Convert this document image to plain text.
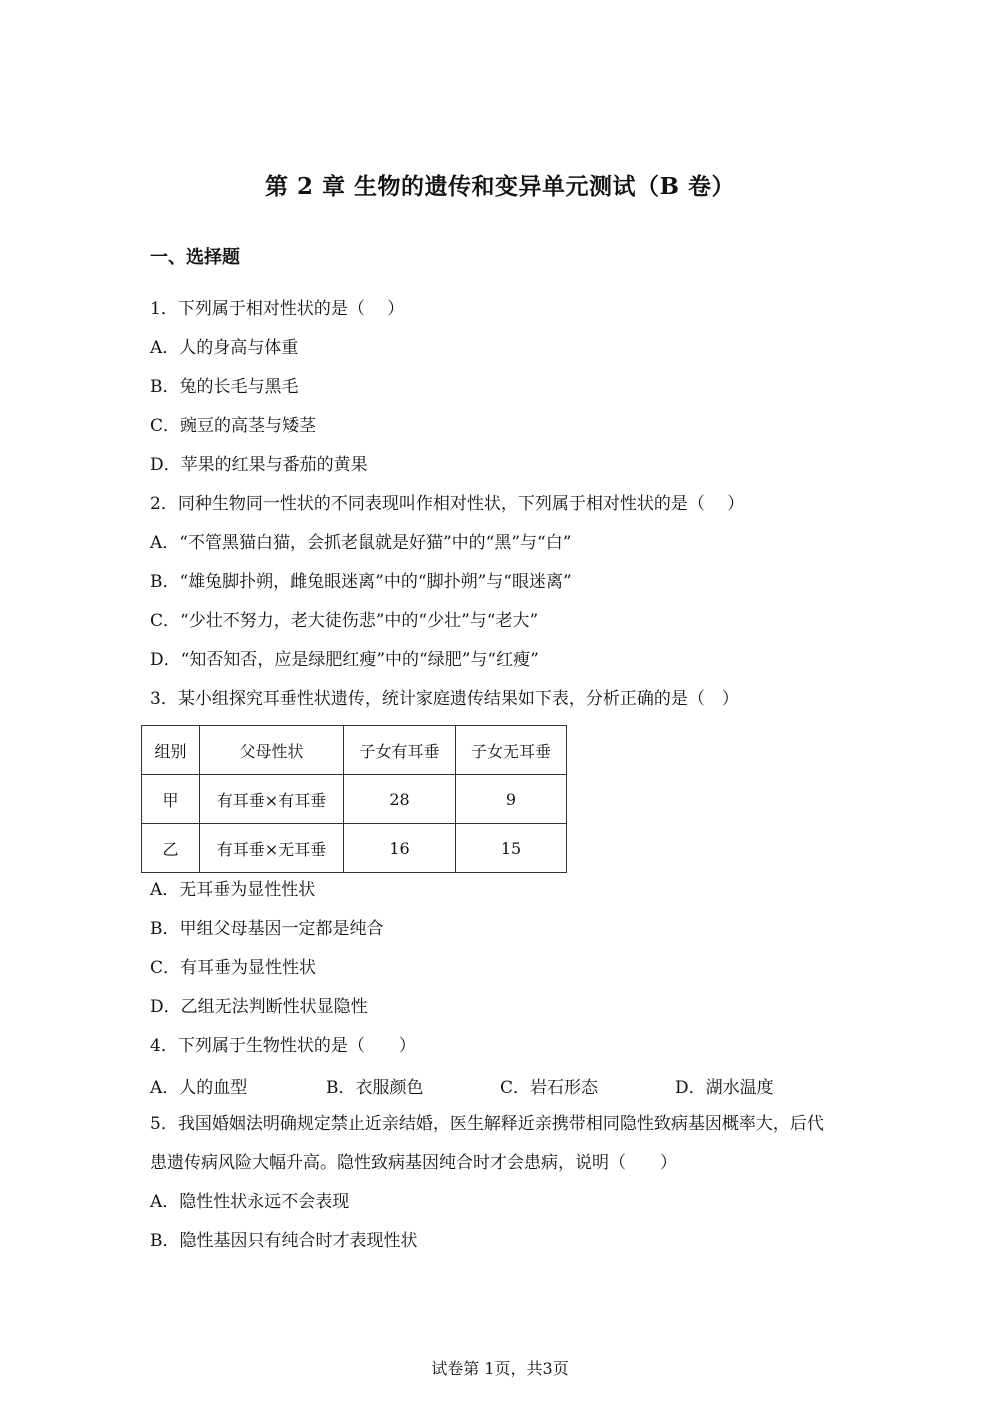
第 2 章 生物的遗传和变异单元测试（B 卷）
一、选择题
1．下列属于相对性状的是（　 ）
A．人的身高与体重
B．兔的长毛与黑毛
C．豌豆的高茎与矮茎
D．苹果的红果与番茄的黄果
2．同种生物同一性状的不同表现叫作相对性状，下列属于相对性状的是（　 ）
A．“不管黑猫白猫，会抓老鼠就是好猫”中的“黑”与“白”
B．“雄兔脚扑朔，雌兔眼迷离”中的“脚扑朔”与“眼迷离”
C．“少壮不努力，老大徒伤悲”中的“少壮”与“老大”
D．“知否知否，应是绿肥红瘦”中的“绿肥”与“红瘦”
3．某小组探究耳垂性状遗传，统计家庭遗传结果如下表，分析正确的是（　）
组别	父母性状	子女有耳垂	子女无耳垂
甲	有耳垂×有耳垂	28	9
乙	有耳垂×无耳垂	16	15
A．无耳垂为显性性状
B．甲组父母基因一定都是纯合
C．有耳垂为显性性状
D．乙组无法判断性状显隐性
4．下列属于生物性状的是（　　）
A．人的血型	B．衣服颜色	C．岩石形态	D．湖水温度
5．我国婚姻法明确规定禁止近亲结婚，医生解释近亲携带相同隐性致病基因概率大，后代
患遗传病风险大幅升高。隐性致病基因纯合时才会患病，说明（　　）
A．隐性性状永远不会表现
B．隐性基因只有纯合时才表现性状
试卷第 1页，共3页
